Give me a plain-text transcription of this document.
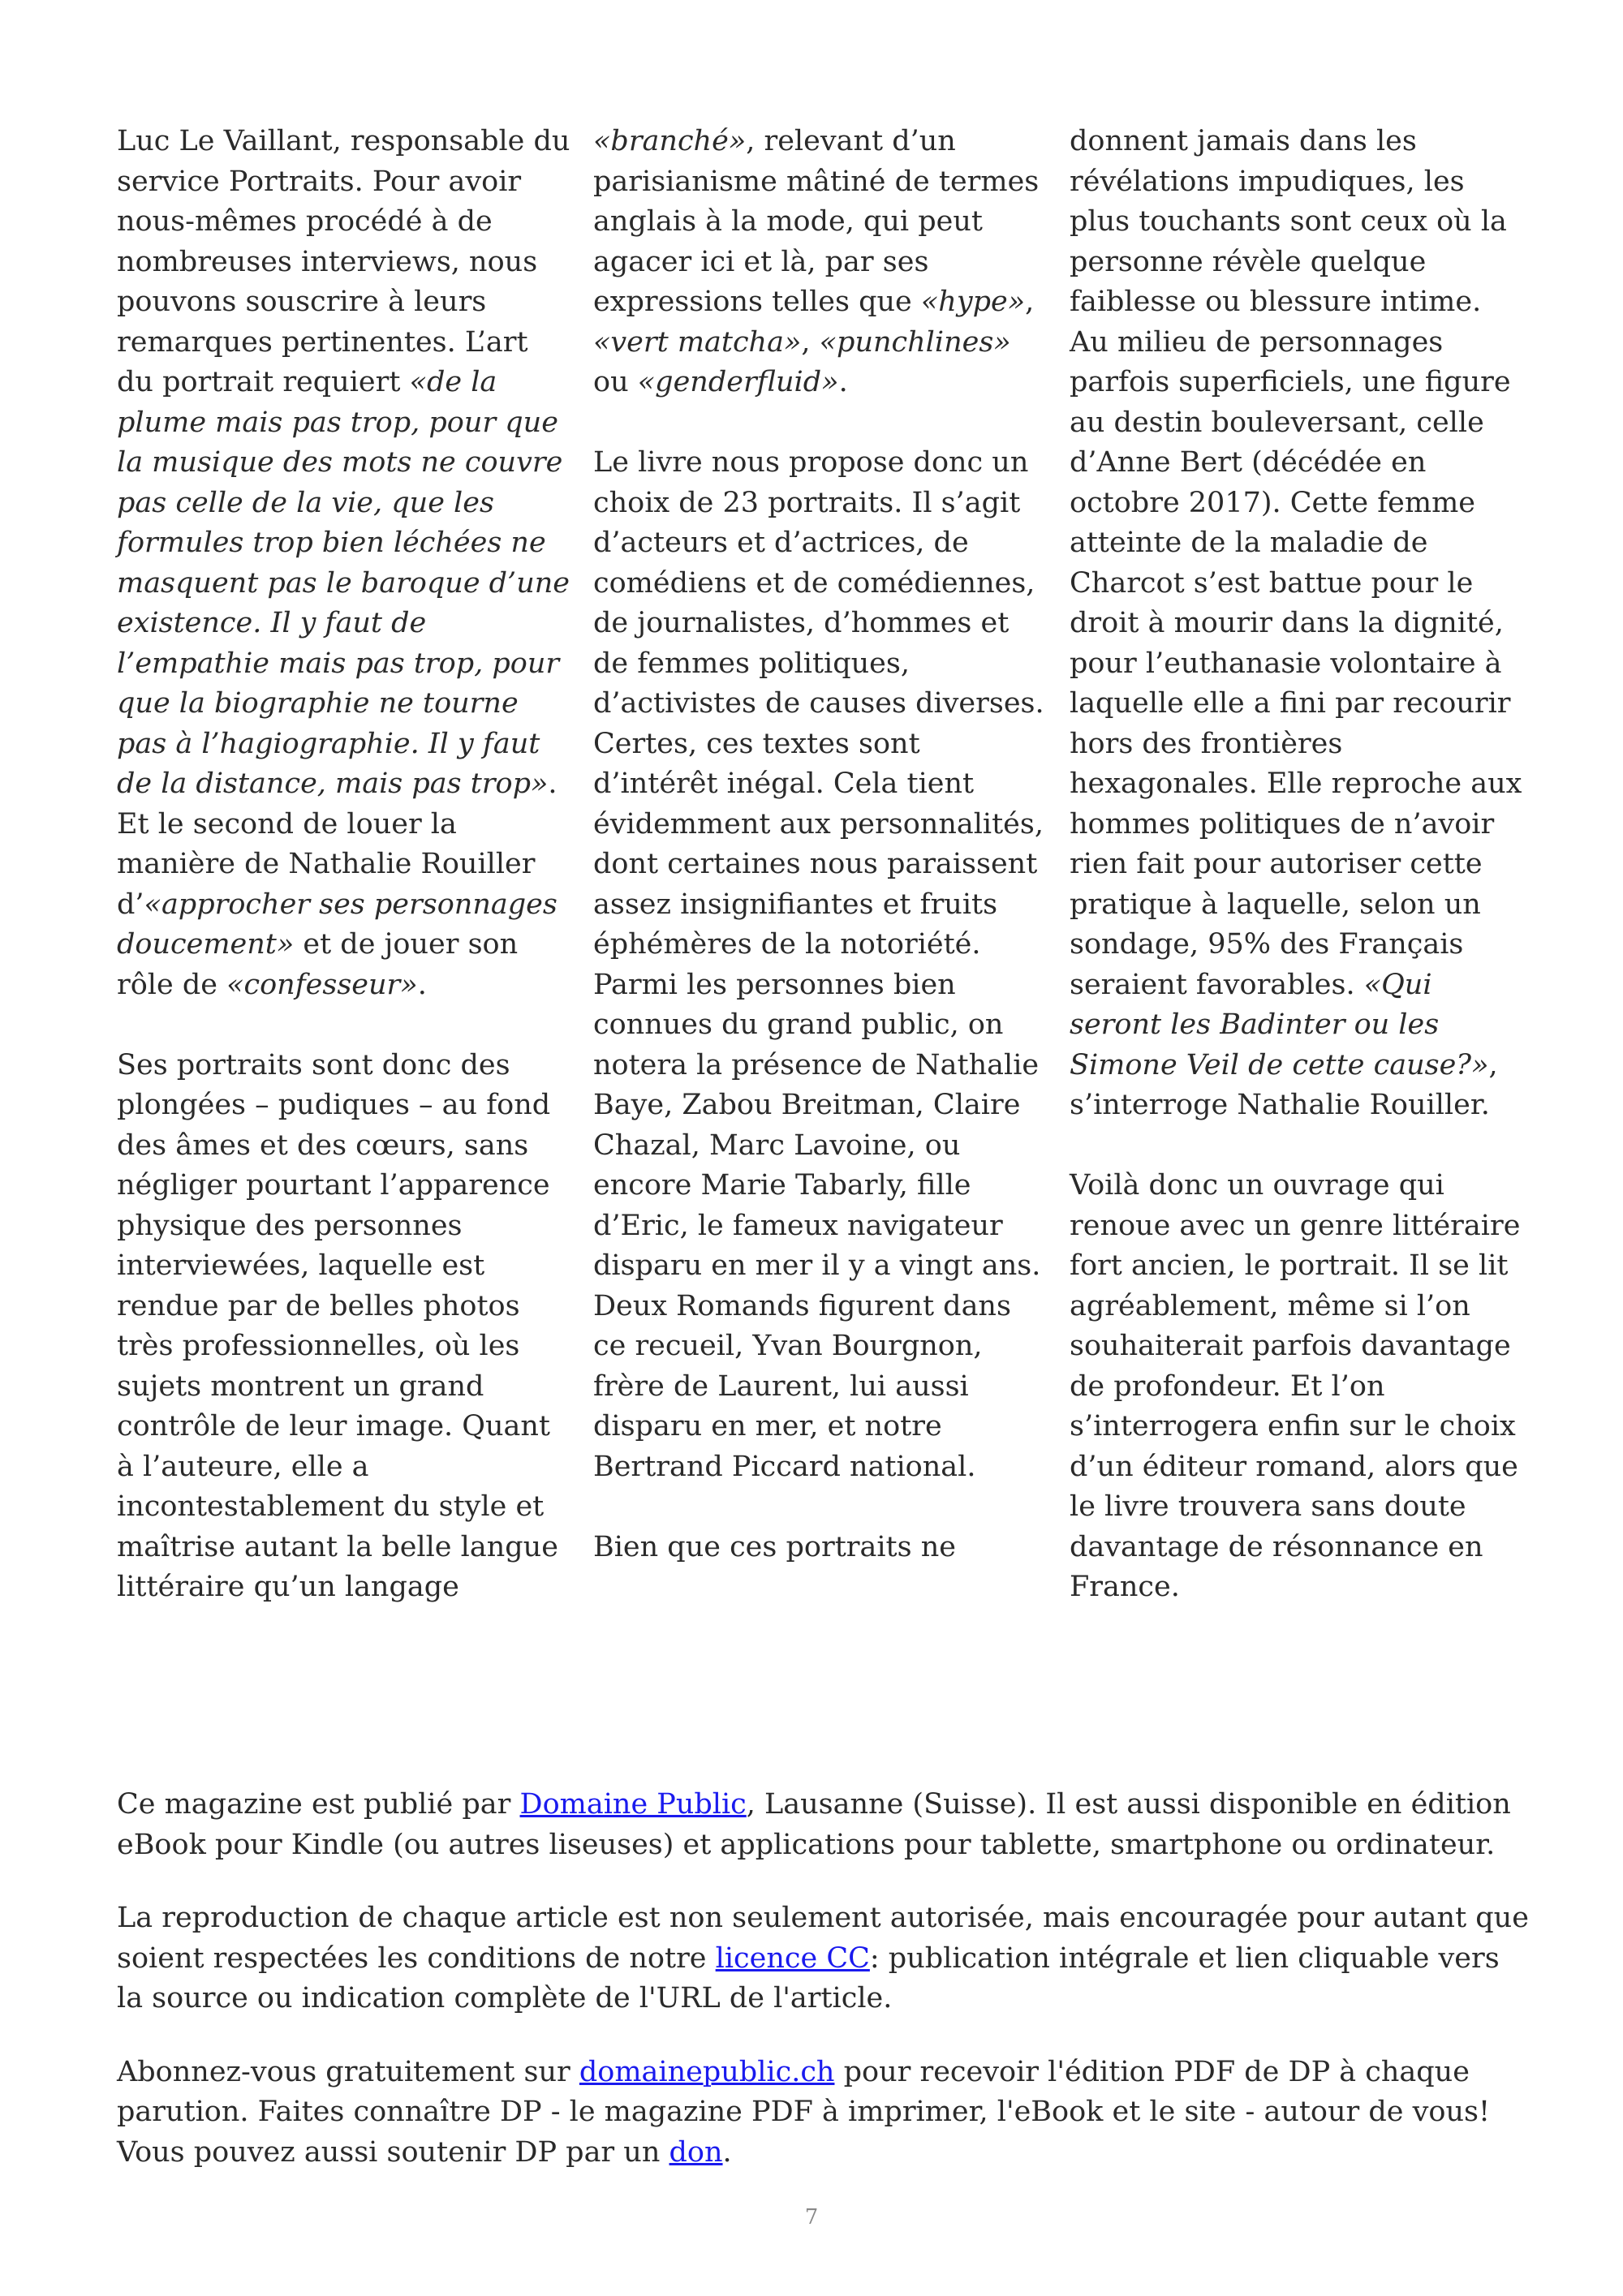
Luc Le Vaillant, responsable du service Portraits. Pour avoir nous-mêmes procédé à de nombreuses interviews, nous pouvons souscrire à leurs remarques pertinentes. L’art du portrait requiert «de la plume mais pas trop, pour que la musique des mots ne couvre pas celle de la vie, que les formules trop bien léchées ne masquent pas le baroque d’une existence. Il y faut de l’empathie mais pas trop, pour que la biographie ne tourne pas à l’hagiographie. Il y faut de la distance, mais pas trop». Et le second de louer la manière de Nathalie Rouiller d’«approcher ses personnages doucement» et de jouer son rôle de «confesseur».

Ses portraits sont donc des plongées – pudiques – au fond des âmes et des cœurs, sans négliger pourtant l’apparence physique des personnes interviewées, laquelle est rendue par de belles photos très professionnelles, où les sujets montrent un grand contrôle de leur image. Quant à l’auteure, elle a incontestablement du style et maîtrise autant la belle langue littéraire qu’un langage

«branché», relevant d’un parisianisme mâtiné de termes anglais à la mode, qui peut agacer ici et là, par ses expressions telles que «hype», «vert matcha», «punchlines» ou «genderfluid».

Le livre nous propose donc un choix de 23 portraits. Il s’agit d’acteurs et d’actrices, de comédiens et de comédiennes, de journalistes, d’hommes et de femmes politiques, d’activistes de causes diverses. Certes, ces textes sont d’intérêt inégal. Cela tient évidemment aux personnalités, dont certaines nous paraissent assez insignifiantes et fruits éphémères de la notoriété. Parmi les personnes bien connues du grand public, on notera la présence de Nathalie Baye, Zabou Breitman, Claire Chazal, Marc Lavoine, ou encore Marie Tabarly, fille d’Eric, le fameux navigateur disparu en mer il y a vingt ans. Deux Romands figurent dans ce recueil, Yvan Bourgnon, frère de Laurent, lui aussi disparu en mer, et notre Bertrand Piccard national.

Bien que ces portraits ne

donnent jamais dans les révélations impudiques, les plus touchants sont ceux où la personne révèle quelque faiblesse ou blessure intime. Au milieu de personnages parfois superficiels, une figure au destin bouleversant, celle d’Anne Bert (décédée en octobre 2017). Cette femme atteinte de la maladie de Charcot s’est battue pour le droit à mourir dans la dignité, pour l’euthanasie volontaire à laquelle elle a fini par recourir hors des frontières hexagonales. Elle reproche aux hommes politiques de n’avoir rien fait pour autoriser cette pratique à laquelle, selon un sondage, 95% des Français seraient favorables. «Qui seront les Badinter ou les Simone Veil de cette cause?», s’interroge Nathalie Rouiller.

Voilà donc un ouvrage qui renoue avec un genre littéraire fort ancien, le portrait. Il se lit agréablement, même si l’on souhaiterait parfois davantage de profondeur. Et l’on s’interrogera enfin sur le choix d’un éditeur romand, alors que le livre trouvera sans doute davantage de résonnance en France.

Ce magazine est publié par Domaine Public, Lausanne (Suisse). Il est aussi disponible en édition eBook pour Kindle (ou autres liseuses) et applications pour tablette, smartphone ou ordinateur.

La reproduction de chaque article est non seulement autorisée, mais encouragée pour autant que soient respectées les conditions de notre licence CC: publication intégrale et lien cliquable vers la source ou indication complète de l'URL de l'article.

Abonnez-vous gratuitement sur domainepublic.ch pour recevoir l'édition PDF de DP à chaque parution. Faites connaître DP - le magazine PDF à imprimer, l'eBook et le site - autour de vous! Vous pouvez aussi soutenir DP par un don.

7
